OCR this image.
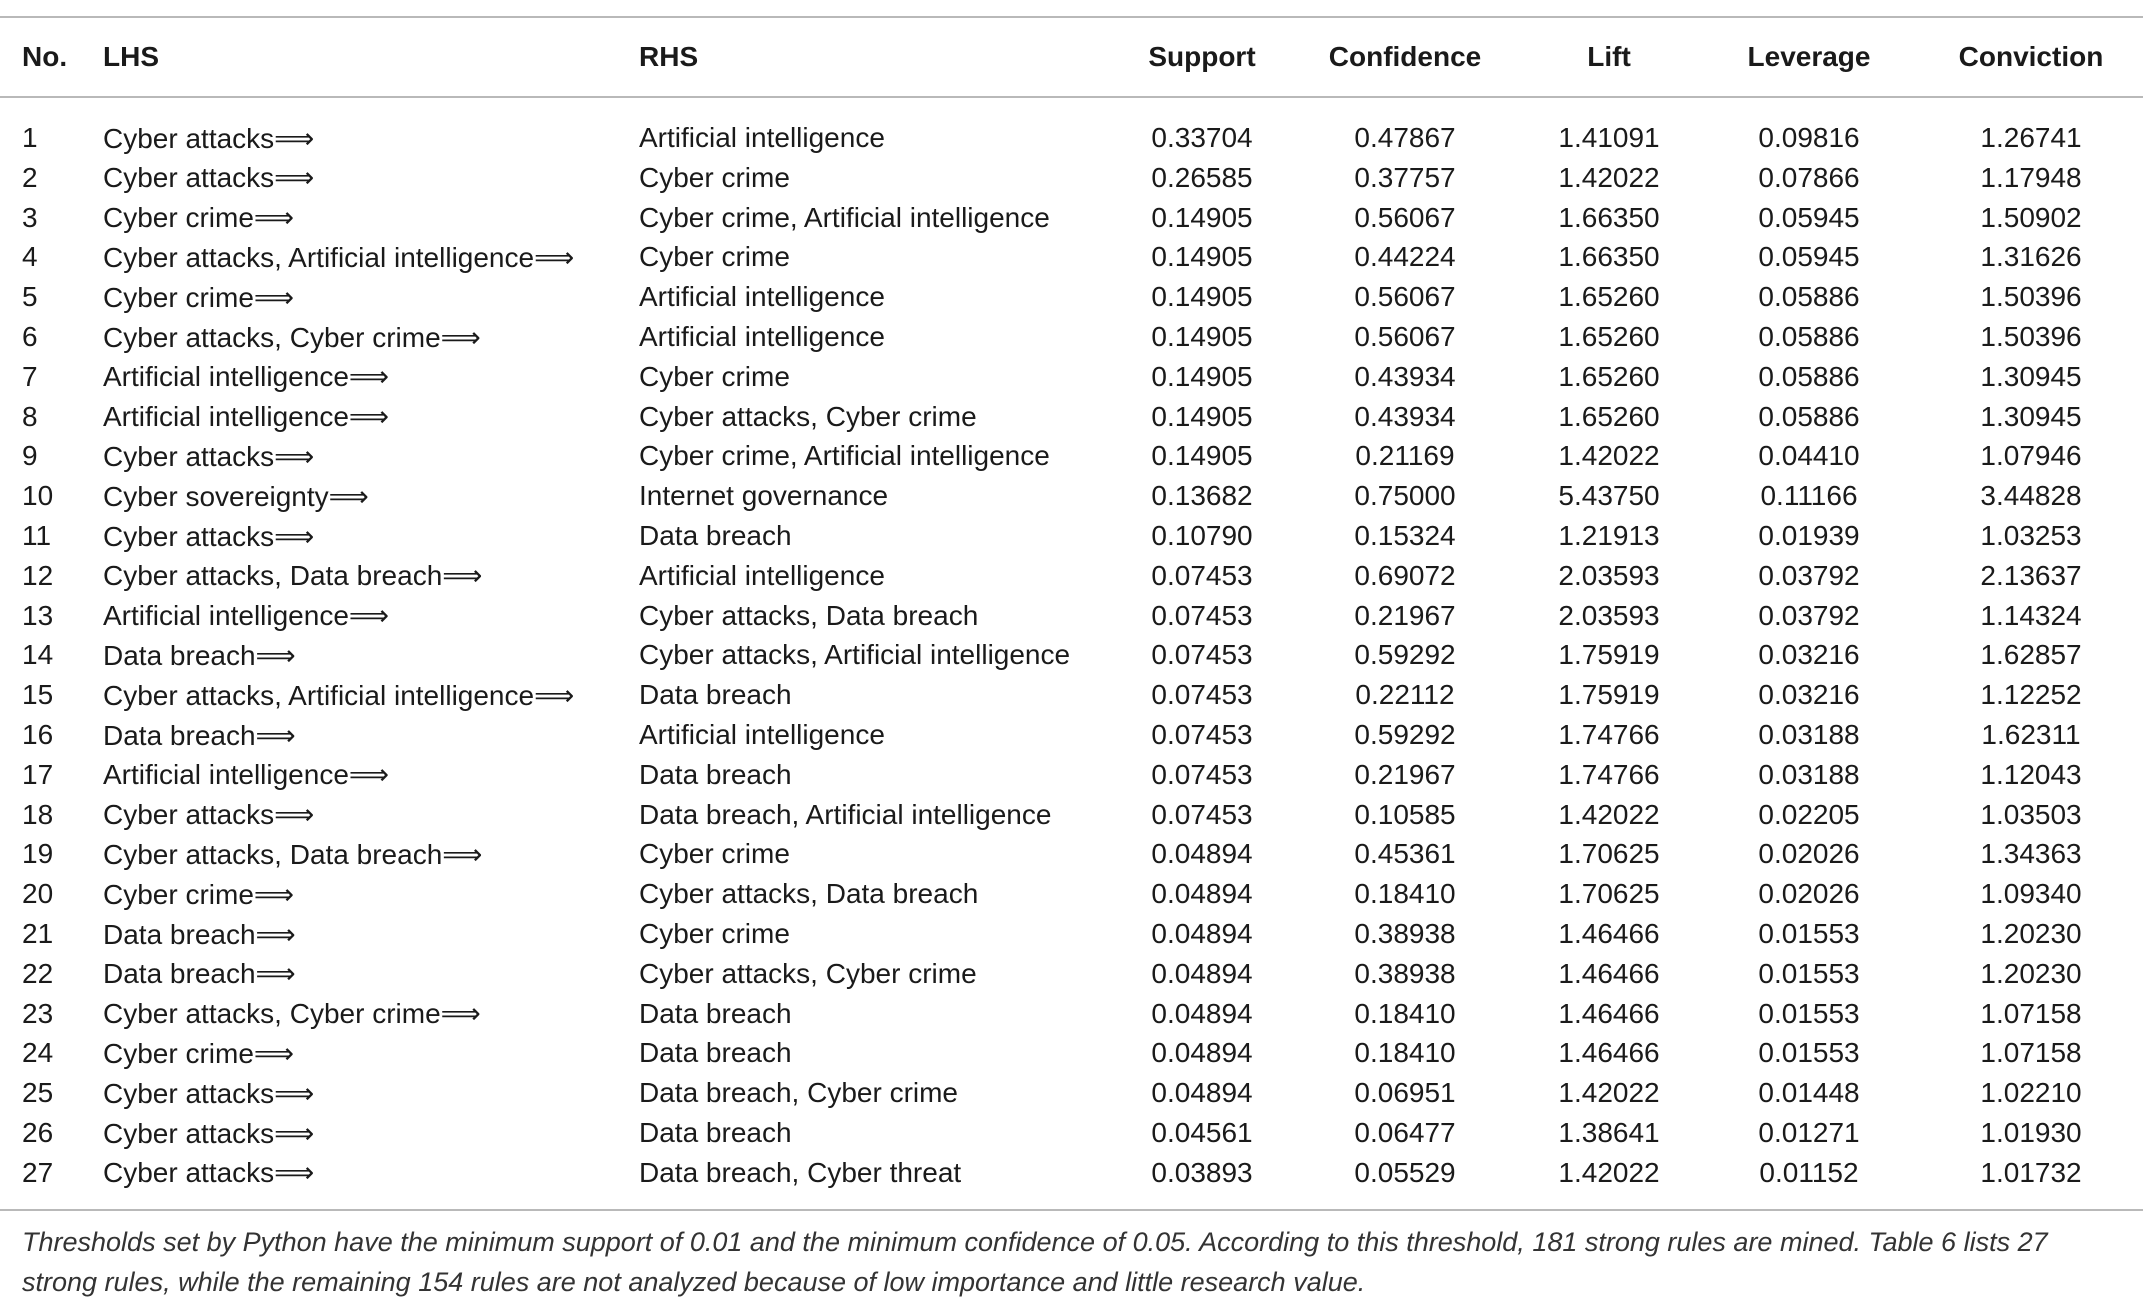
No.	LHS	RHS	Support	Confidence	Lift	Leverage	Conviction
1	Cyber attacks⟹	Artificial intelligence	0.33704	0.47867	1.41091	0.09816	1.26741
2	Cyber attacks⟹	Cyber crime	0.26585	0.37757	1.42022	0.07866	1.17948
3	Cyber crime⟹	Cyber crime, Artificial intelligence	0.14905	0.56067	1.66350	0.05945	1.50902
4	Cyber attacks, Artificial intelligence⟹	Cyber crime	0.14905	0.44224	1.66350	0.05945	1.31626
5	Cyber crime⟹	Artificial intelligence	0.14905	0.56067	1.65260	0.05886	1.50396
6	Cyber attacks, Cyber crime⟹	Artificial intelligence	0.14905	0.56067	1.65260	0.05886	1.50396
7	Artificial intelligence⟹	Cyber crime	0.14905	0.43934	1.65260	0.05886	1.30945
8	Artificial intelligence⟹	Cyber attacks, Cyber crime	0.14905	0.43934	1.65260	0.05886	1.30945
9	Cyber attacks⟹	Cyber crime, Artificial intelligence	0.14905	0.21169	1.42022	0.04410	1.07946
10	Cyber sovereignty⟹	Internet governance	0.13682	0.75000	5.43750	0.11166	3.44828
11	Cyber attacks⟹	Data breach	0.10790	0.15324	1.21913	0.01939	1.03253
12	Cyber attacks, Data breach⟹	Artificial intelligence	0.07453	0.69072	2.03593	0.03792	2.13637
13	Artificial intelligence⟹	Cyber attacks, Data breach	0.07453	0.21967	2.03593	0.03792	1.14324
14	Data breach⟹	Cyber attacks, Artificial intelligence	0.07453	0.59292	1.75919	0.03216	1.62857
15	Cyber attacks, Artificial intelligence⟹	Data breach	0.07453	0.22112	1.75919	0.03216	1.12252
16	Data breach⟹	Artificial intelligence	0.07453	0.59292	1.74766	0.03188	1.62311
17	Artificial intelligence⟹	Data breach	0.07453	0.21967	1.74766	0.03188	1.12043
18	Cyber attacks⟹	Data breach, Artificial intelligence	0.07453	0.10585	1.42022	0.02205	1.03503
19	Cyber attacks, Data breach⟹	Cyber crime	0.04894	0.45361	1.70625	0.02026	1.34363
20	Cyber crime⟹	Cyber attacks, Data breach	0.04894	0.18410	1.70625	0.02026	1.09340
21	Data breach⟹	Cyber crime	0.04894	0.38938	1.46466	0.01553	1.20230
22	Data breach⟹	Cyber attacks, Cyber crime	0.04894	0.38938	1.46466	0.01553	1.20230
23	Cyber attacks, Cyber crime⟹	Data breach	0.04894	0.18410	1.46466	0.01553	1.07158
24	Cyber crime⟹	Data breach	0.04894	0.18410	1.46466	0.01553	1.07158
25	Cyber attacks⟹	Data breach, Cyber crime	0.04894	0.06951	1.42022	0.01448	1.02210
26	Cyber attacks⟹	Data breach	0.04561	0.06477	1.38641	0.01271	1.01930
27	Cyber attacks⟹	Data breach, Cyber threat	0.03893	0.05529	1.42022	0.01152	1.01732
Thresholds set by Python have the minimum support of 0.01 and the minimum confidence of 0.05. According to this threshold, 181 strong rules are mined. Table 6 lists 27 strong rules, while the remaining 154 rules are not analyzed because of low importance and little research value.
